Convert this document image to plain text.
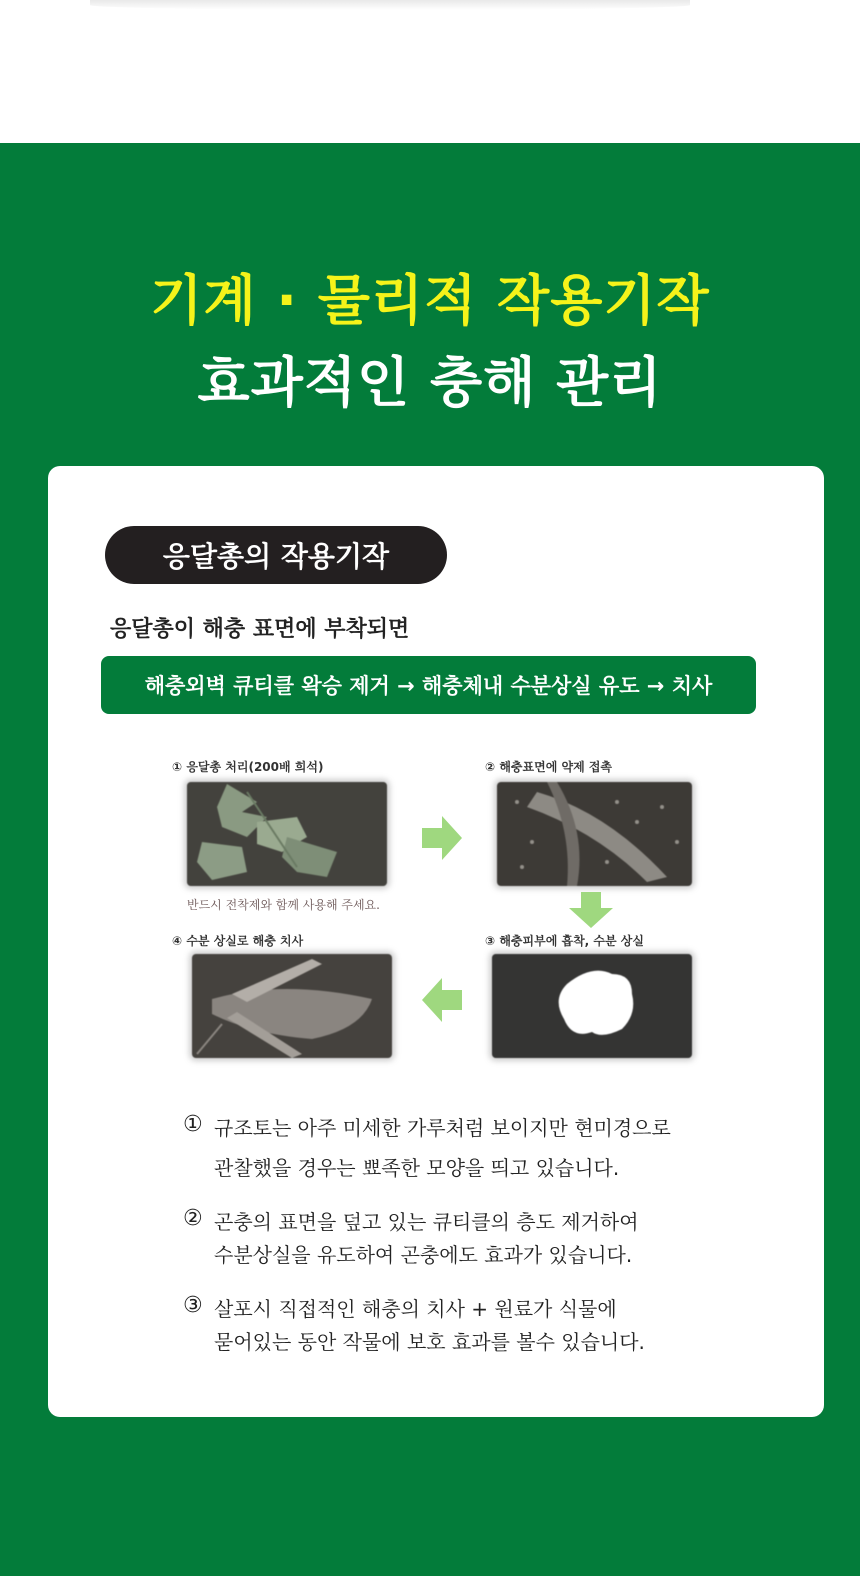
기계 · 물리적 작용기작
효과적인 충해 관리
응달총의 작용기작
응달총이 해충 표면에 부착되면
해충외벽 큐티클 왁승 제거 → 해충체내 수분상실 유도 → 치사
① 응달총 처리(200배 희석)	② 해충표면에 약제 접촉
③ 해충피부에 흡착, 수분 상실
④ 수분 상실로 해충 치사
반드시 전착제와 함께 사용해 주세요.
① 규조토는 아주 미세한 가루처럼 보이지만 현미경으로
관찰했을 경우는 뾰족한 모양을 띄고 있습니다.
② 곤충의 표면을 덮고 있는 큐티클의 층도 제거하여
수분상실을 유도하여 곤충에도 효과가 있습니다.
③ 살포시 직접적인 해충의 치사 + 원료가 식물에
묻어있는 동안 작물에 보호 효과를 볼수 있습니다.
